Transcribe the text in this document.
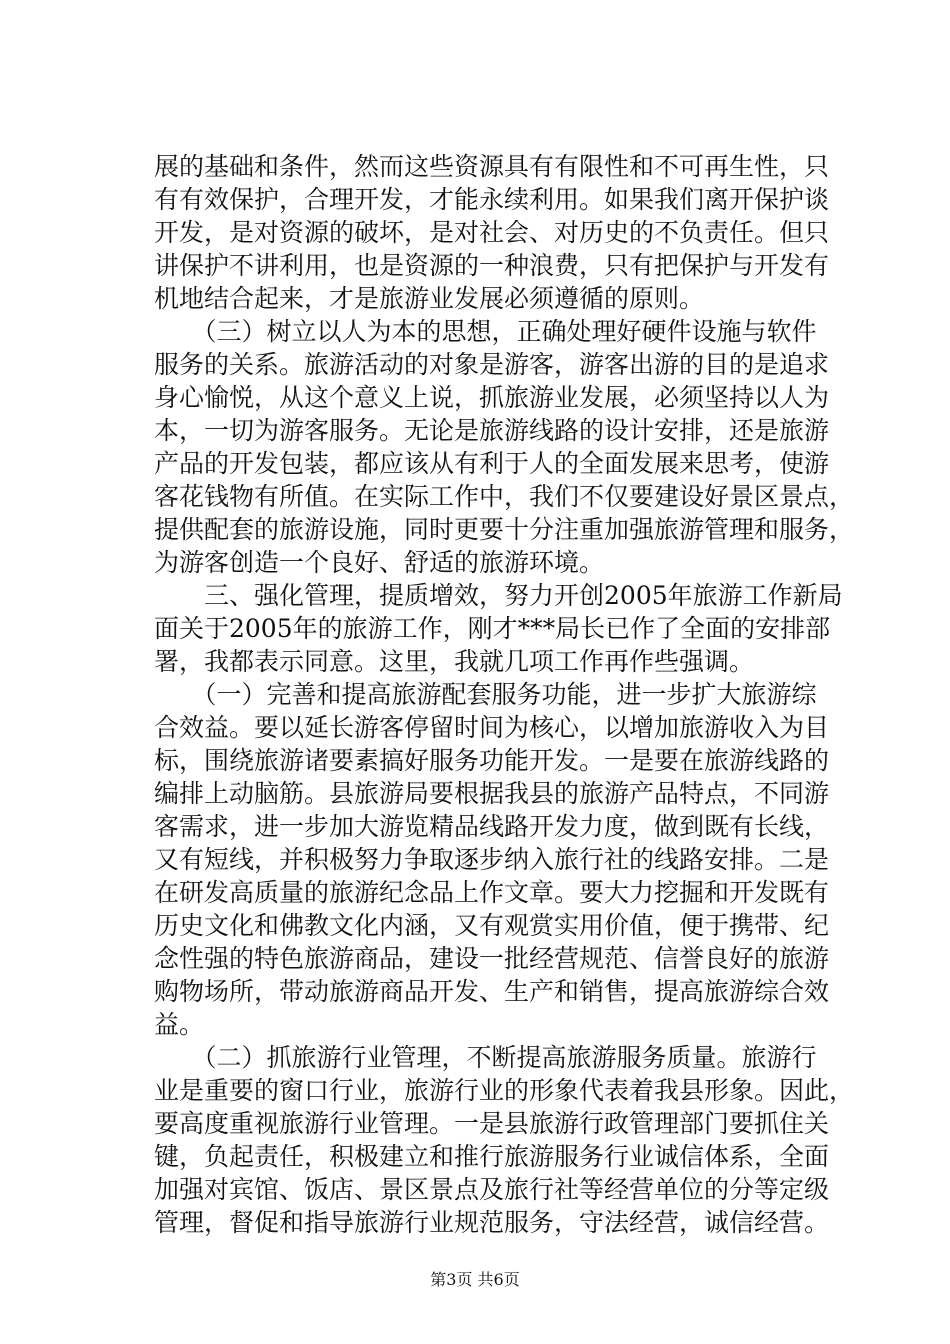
展的基础和条件，然而这些资源具有有限性和不可再生性，只
有有效保护，合理开发，才能永续利用。如果我们离开保护谈
开发，是对资源的破坏，是对社会、对历史的不负责任。但只
讲保护不讲利用，也是资源的一种浪费，只有把保护与开发有
机地结合起来，才是旅游业发展必须遵循的原则。
　　（三）树立以人为本的思想，正确处理好硬件设施与软件
服务的关系。旅游活动的对象是游客，游客出游的目的是追求
身心愉悦，从这个意义上说，抓旅游业发展，必须坚持以人为
本，一切为游客服务。无论是旅游线路的设计安排，还是旅游
产品的开发包装，都应该从有利于人的全面发展来思考，使游
客花钱物有所值。在实际工作中，我们不仅要建设好景区景点，
提供配套的旅游设施，同时更要十分注重加强旅游管理和服务，
为游客创造一个良好、舒适的旅游环境。
　　三、强化管理，提质增效，努力开创2005年旅游工作新局
面关于2005年的旅游工作，刚才***局长已作了全面的安排部
署，我都表示同意。这里，我就几项工作再作些强调。
　　（一）完善和提高旅游配套服务功能，进一步扩大旅游综
合效益。要以延长游客停留时间为核心，以增加旅游收入为目
标，围绕旅游诸要素搞好服务功能开发。一是要在旅游线路的
编排上动脑筋。县旅游局要根据我县的旅游产品特点，不同游
客需求，进一步加大游览精品线路开发力度，做到既有长线，
又有短线，并积极努力争取逐步纳入旅行社的线路安排。二是
在研发高质量的旅游纪念品上作文章。要大力挖掘和开发既有
历史文化和佛教文化内涵，又有观赏实用价值，便于携带、纪
念性强的特色旅游商品，建设一批经营规范、信誉良好的旅游
购物场所，带动旅游商品开发、生产和销售，提高旅游综合效
益。
　　（二）抓旅游行业管理，不断提高旅游服务质量。旅游行
业是重要的窗口行业，旅游行业的形象代表着我县形象。因此，
要高度重视旅游行业管理。一是县旅游行政管理部门要抓住关
键，负起责任，积极建立和推行旅游服务行业诚信体系，全面
加强对宾馆、饭店、景区景点及旅行社等经营单位的分等定级
管理，督促和指导旅游行业规范服务，守法经营，诚信经营。
第3页 共6页
